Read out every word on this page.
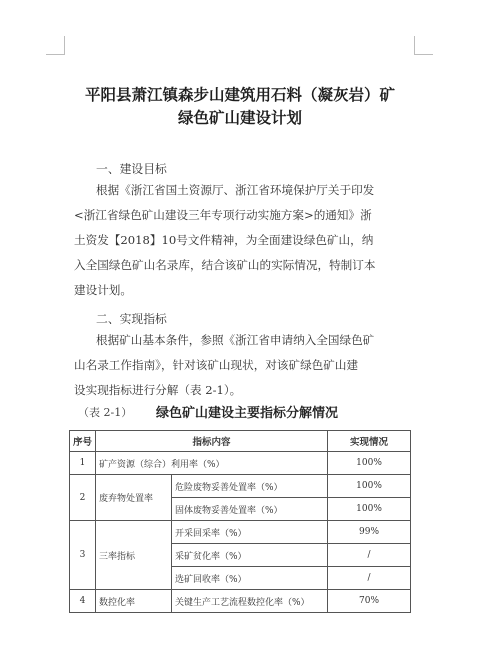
平阳县萧江镇森步山建筑用石料（凝灰岩）矿
绿色矿山建设计划
一、建设目标
根据《浙江省国土资源厅、浙江省环境保护厅关于印发
<浙江省绿色矿山建设三年专项行动实施方案>的通知》浙
土资发【2018】10号文件精神，为全面建设绿色矿山，纳
入全国绿色矿山名录库，结合该矿山的实际情况，特制订本
建设计划。
二、实现指标
根据矿山基本条件，参照《浙江省申请纳入全国绿色矿
山名录工作指南》，针对该矿山现状，对该矿绿色矿山建
设实现指标进行分解（表 2-1）。
（表 2-1） 绿色矿山建设主要指标分解情况
序号	指标内容		实现情况
1	矿产资源（综合）利用率（%）		100%
2	废弃物处置率	危险废物妥善处置率（%）	100%
		固体废物妥善处置率（%）	100%
3	三率指标	开采回采率（%）	99%
		采矿贫化率（%）	/
		选矿回收率（%）	/
4	数控化率	关键生产工艺流程数控化率（%）	70%
